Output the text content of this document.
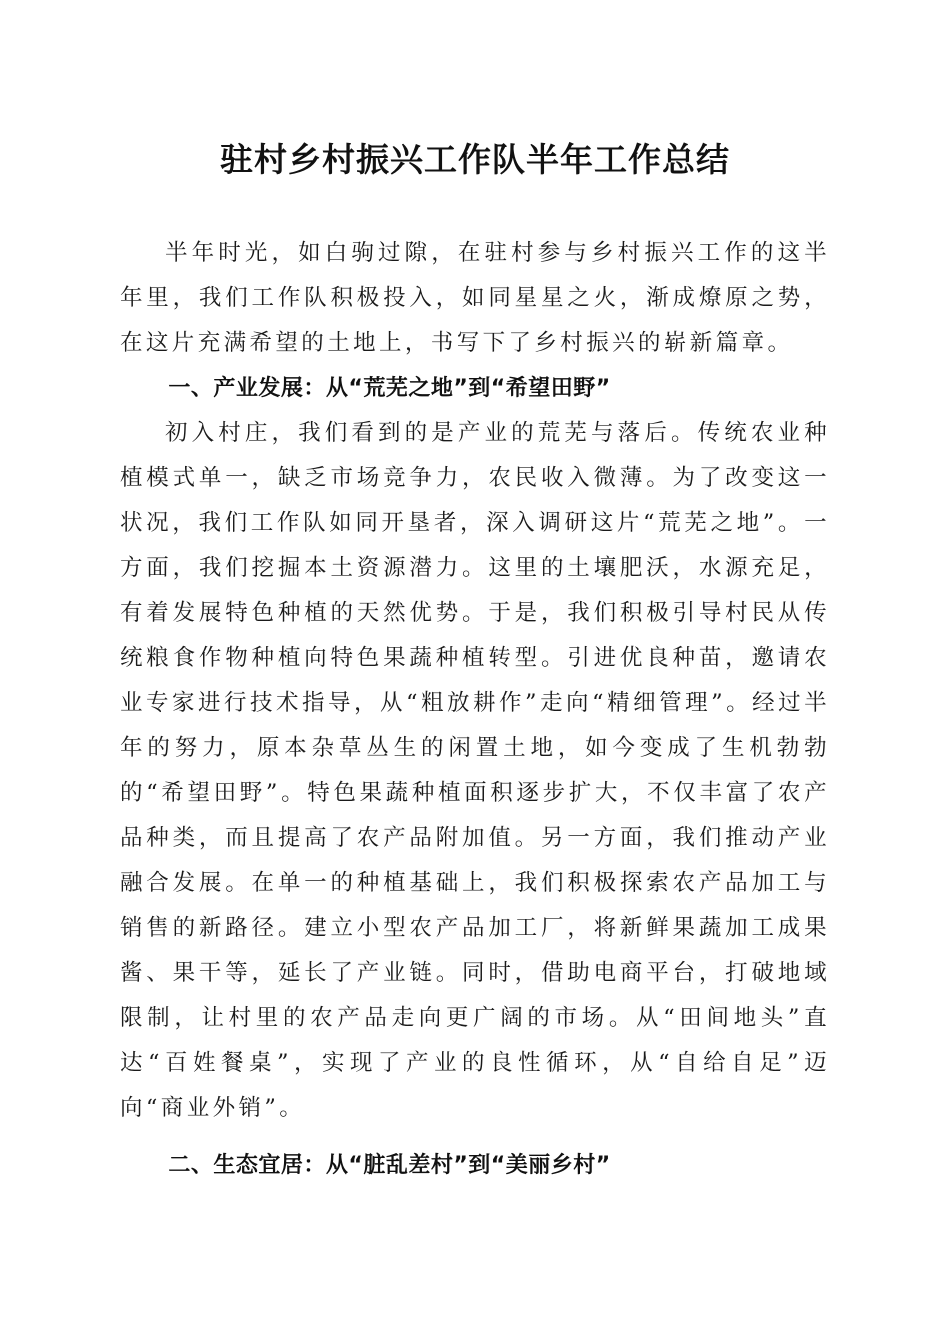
驻村乡村振兴工作队半年工作总结

半年时光，如白驹过隙，在驻村参与乡村振兴工作的这半年里，我们工作队积极投入，如同星星之火，渐成燎原之势，在这片充满希望的土地上，书写下了乡村振兴的崭新篇章。

一、产业发展：从“荒芜之地”到“希望田野”

初入村庄，我们看到的是产业的荒芜与落后。传统农业种植模式单一，缺乏市场竞争力，农民收入微薄。为了改变这一状况，我们工作队如同开垦者，深入调研这片“荒芜之地”。一方面，我们挖掘本土资源潜力。这里的土壤肥沃，水源充足，有着发展特色种植的天然优势。于是，我们积极引导村民从传统粮食作物种植向特色果蔬种植转型。引进优良种苗，邀请农业专家进行技术指导，从“粗放耕作”走向“精细管理”。经过半年的努力，原本杂草丛生的闲置土地，如今变成了生机勃勃的“希望田野”。特色果蔬种植面积逐步扩大，不仅丰富了农产品种类，而且提高了农产品附加值。另一方面，我们推动产业融合发展。在单一的种植基础上，我们积极探索农产品加工与销售的新路径。建立小型农产品加工厂，将新鲜果蔬加工成果酱、果干等，延长了产业链。同时，借助电商平台，打破地域限制，让村里的农产品走向更广阔的市场。从“田间地头”直达“百姓餐桌”，实现了产业的良性循环，从“自给自足”迈向“商业外销”。

二、生态宜居：从“脏乱差村”到“美丽乡村”
